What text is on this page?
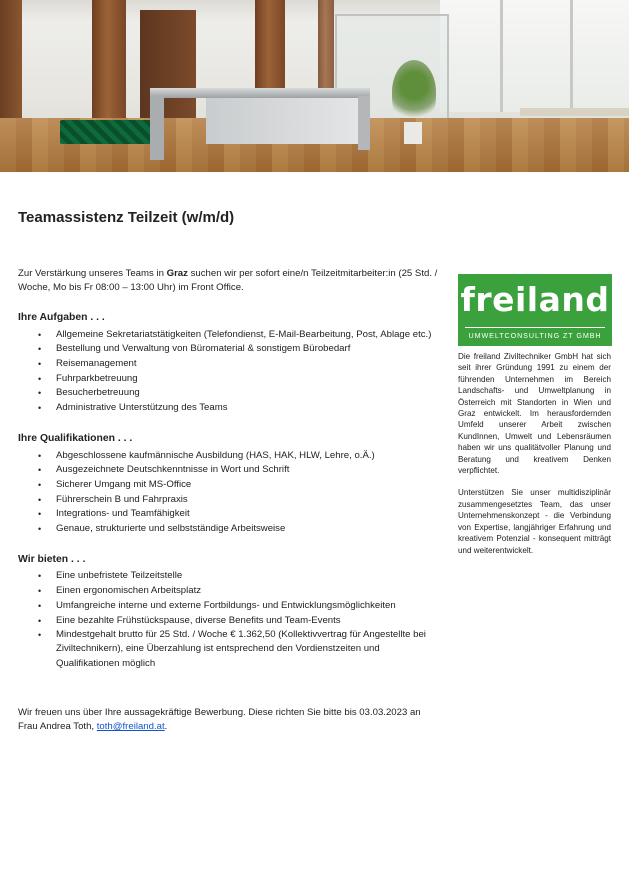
Teamassistenz Teilzeit (w/m/d)

Zur Verstärkung unseres Teams in Graz suchen wir per sofort eine/n Teilzeitmitarbeiter:in (25 Std. / Woche, Mo bis Fr 08:00 – 13:00 Uhr) im Front Office.

Ihre Aufgaben . . .

• Allgemeine Sekretariatstätigkeiten (Telefondienst, E-Mail-Bearbeitung, Post, Ablage etc.)
• Bestellung und Verwaltung von Büromaterial & sonstigem Bürobedarf
• Reisemanagement
• Fuhrparkbetreuung
• Besucherbetreuung
• Administrative Unterstützung des Teams

Ihre Qualifikationen . . .

• Abgeschlossene kaufmännische Ausbildung (HAS, HAK, HLW, Lehre, o.Ä.)
• Ausgezeichnete Deutschkenntnisse in Wort und Schrift
• Sicherer Umgang mit MS-Office
• Führerschein B und Fahrpraxis
• Integrations- und Teamfähigkeit
• Genaue, strukturierte und selbstständige Arbeitsweise

Wir bieten . . .

• Eine unbefristete Teilzeitstelle
• Einen ergonomischen Arbeitsplatz
• Umfangreiche interne und externe Fortbildungs- und Entwicklungsmöglichkeiten
• Eine bezahlte Frühstückspause, diverse Benefits und Team-Events
• Mindestgehalt brutto für 25 Std. / Woche € 1.362,50 (Kollektivvertrag für Angestellte bei Ziviltechnikern), eine Überzahlung ist entsprechend den Vordienstzeiten und Qualifikationen möglich

Wir freuen uns über Ihre aussagekräftige Bewerbung. Diese richten Sie bitte bis 03.03.2023 an Frau Andrea Toth, toth@freiland.at.

freiland
UMWELTCONSULTING ZT GMBH

Die freiland Ziviltechniker GmbH hat sich seit ihrer Gründung 1991 zu einem der führenden Unternehmen im Bereich Landschafts- und Umweltplanung in Österreich mit Standorten in Wien und Graz entwickelt. Im herausfordernden Umfeld unserer Arbeit zwischen KundInnen, Umwelt und Lebensräumen haben wir uns qualitätvoller Planung und Beratung und kreativem Denken verpflichtet.

Unterstützen Sie unser multidisziplinär zusammengesetztes Team, das unser Unternehmenskonzept - die Verbindung von Expertise, langjähriger Erfahrung und kreativem Potenzial - konsequent mitträgt und weiterentwickelt.
